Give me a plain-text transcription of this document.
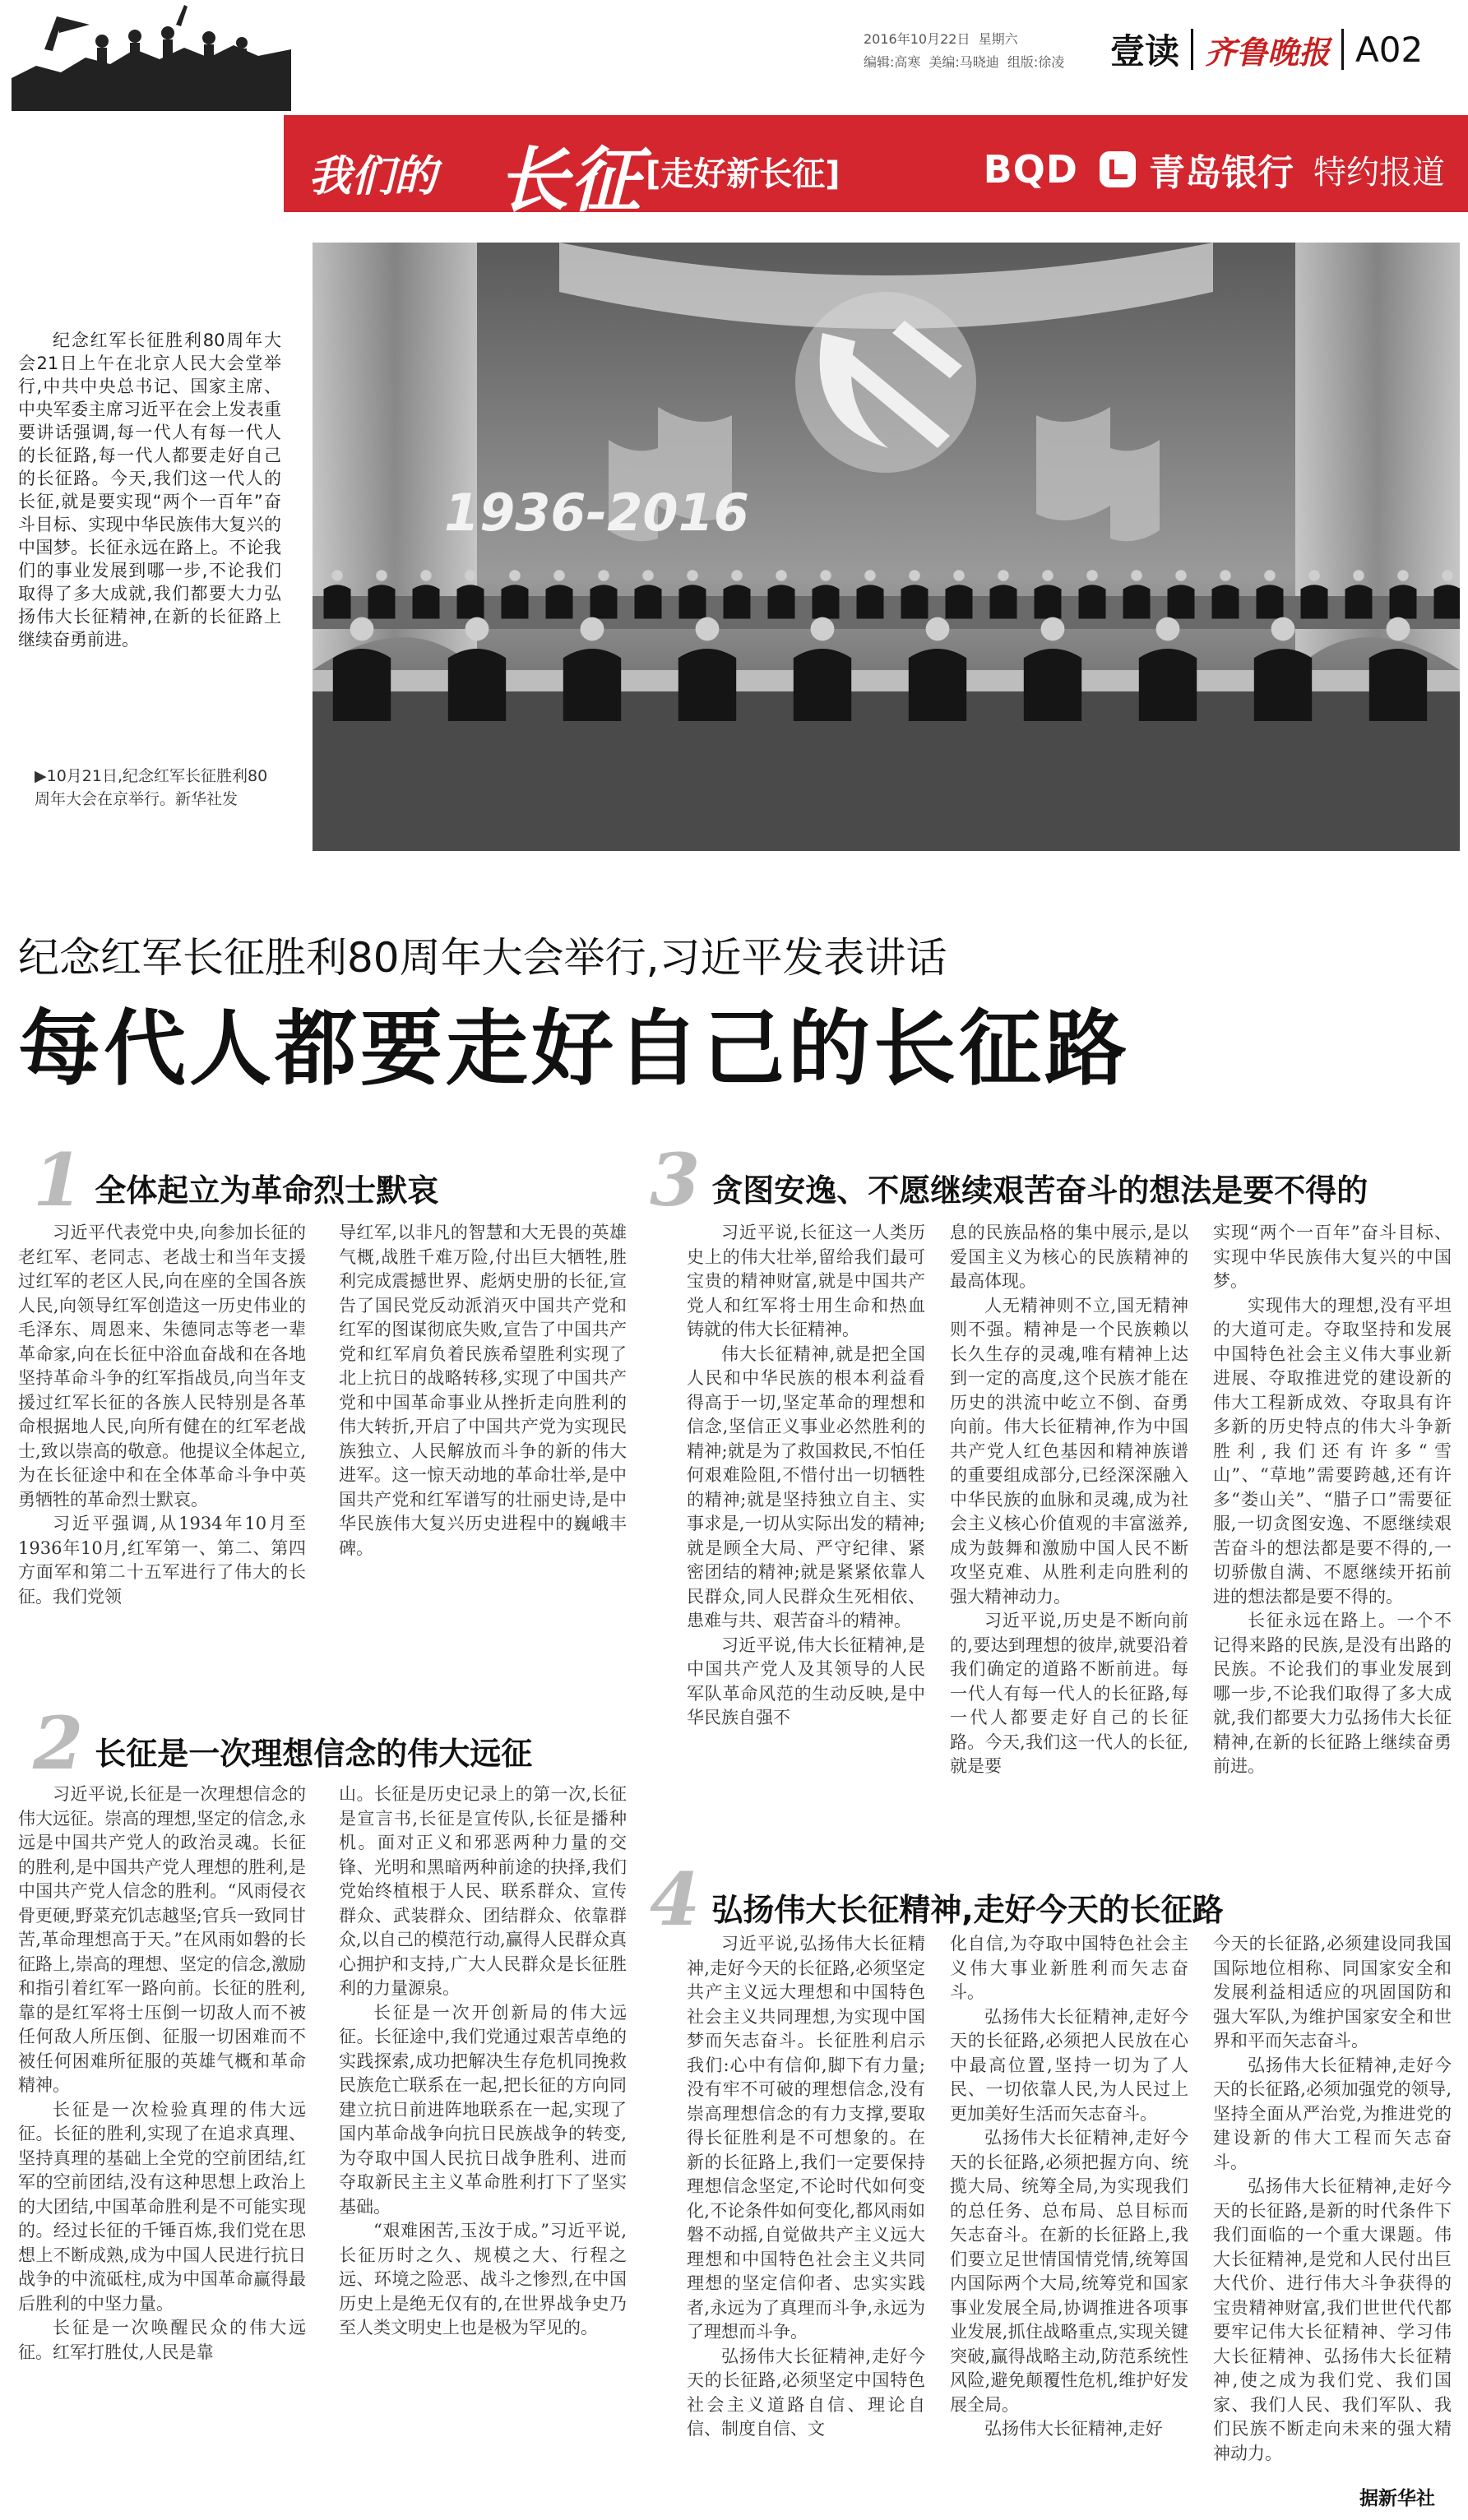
2016年10月22日 星期六
编辑:高寒 美编:马晓迪 组版:徐凌	壹读 齐鲁晚报 A02
我们的 长征 [走好新长征]	BQD 青岛银行 特约报道

纪念红军长征胜利80周年大会21日上午在北京人民大会堂举行,中共中央总书记、国家主席、中央军委主席习近平在会上发表重要讲话强调,每一代人有每一代人的长征路,每一代人都要走好自己的长征路。今天,我们这一代人的长征,就是要实现“两个一百年”奋斗目标、实现中华民族伟大复兴的中国梦。长征永远在路上。不论我们的事业发展到哪一步,不论我们取得了多大成就,我们都要大力弘扬伟大长征精神,在新的长征路上继续奋勇前进。

▶10月21日,纪念红军长征胜利80周年大会在京举行。新华社发

1936-2016
纪念红军长征胜利80周年大会举行,习近平发表讲话
每代人都要走好自己的长征路
1 全体起立为革命烈士默哀

习近平代表党中央,向参加长征的老红军、老同志、老战士和当年支援过红军的老区人民,向在座的全国各族人民,向领导红军创造这一历史伟业的毛泽东、周恩来、朱德同志等老一辈革命家,向在长征中浴血奋战和在各地坚持革命斗争的红军指战员,向当年支援过红军长征的各族人民特别是各革命根据地人民,向所有健在的红军老战士,致以崇高的敬意。他提议全体起立,为在长征途中和在全体革命斗争中英勇牺牲的革命烈士默哀。

习近平强调,从1934年10月至1936年10月,红军第一、第二、第四方面军和第二十五军进行了伟大的长征。我们党领

导红军,以非凡的智慧和大无畏的英雄气概,战胜千难万险,付出巨大牺牲,胜利完成震撼世界、彪炳史册的长征,宣告了国民党反动派消灭中国共产党和红军的图谋彻底失败,宣告了中国共产党和红军肩负着民族希望胜利实现了北上抗日的战略转移,实现了中国共产党和中国革命事业从挫折走向胜利的伟大转折,开启了中国共产党为实现民族独立、人民解放而斗争的新的伟大进军。这一惊天动地的革命壮举,是中国共产党和红军谱写的壮丽史诗,是中华民族伟大复兴历史进程中的巍峨丰碑。

2 长征是一次理想信念的伟大远征

习近平说,长征是一次理想信念的伟大远征。崇高的理想,坚定的信念,永远是中国共产党人的政治灵魂。长征的胜利,是中国共产党人理想的胜利,是中国共产党人信念的胜利。“风雨侵衣骨更硬,野菜充饥志越坚;官兵一致同甘苦,革命理想高于天。”在风雨如磐的长征路上,崇高的理想、坚定的信念,激励和指引着红军一路向前。长征的胜利,靠的是红军将士压倒一切敌人而不被任何敌人所压倒、征服一切困难而不被任何困难所征服的英雄气概和革命精神。

长征是一次检验真理的伟大远征。长征的胜利,实现了在追求真理、坚持真理的基础上全党的空前团结,红军的空前团结,没有这种思想上政治上的大团结,中国革命胜利是不可能实现的。经过长征的千锤百炼,我们党在思想上不断成熟,成为中国人民进行抗日战争的中流砥柱,成为中国革命赢得最后胜利的中坚力量。

长征是一次唤醒民众的伟大远征。红军打胜仗,人民是靠

山。长征是历史记录上的第一次,长征是宣言书,长征是宣传队,长征是播种机。面对正义和邪恶两种力量的交锋、光明和黑暗两种前途的抉择,我们党始终植根于人民、联系群众、宣传群众、武装群众、团结群众、依靠群众,以自己的模范行动,赢得人民群众真心拥护和支持,广大人民群众是长征胜利的力量源泉。

长征是一次开创新局的伟大远征。长征途中,我们党通过艰苦卓绝的实践探索,成功把解决生存危机同挽救民族危亡联系在一起,把长征的方向同建立抗日前进阵地联系在一起,实现了国内革命战争向抗日民族战争的转变,为夺取中国人民抗日战争胜利、进而夺取新民主主义革命胜利打下了坚实基础。

“艰难困苦,玉汝于成。”习近平说,长征历时之久、规模之大、行程之远、环境之险恶、战斗之惨烈,在中国历史上是绝无仅有的,在世界战争史乃至人类文明史上也是极为罕见的。

3 贪图安逸、不愿继续艰苦奋斗的想法是要不得的

习近平说,长征这一人类历史上的伟大壮举,留给我们最可宝贵的精神财富,就是中国共产党人和红军将士用生命和热血铸就的伟大长征精神。

伟大长征精神,就是把全国人民和中华民族的根本利益看得高于一切,坚定革命的理想和信念,坚信正义事业必然胜利的精神;就是为了救国救民,不怕任何艰难险阻,不惜付出一切牺牲的精神;就是坚持独立自主、实事求是,一切从实际出发的精神;就是顾全大局、严守纪律、紧密团结的精神;就是紧紧依靠人民群众,同人民群众生死相依、患难与共、艰苦奋斗的精神。

习近平说,伟大长征精神,是中国共产党人及其领导的人民军队革命风范的生动反映,是中华民族自强不

息的民族品格的集中展示,是以爱国主义为核心的民族精神的最高体现。

人无精神则不立,国无精神则不强。精神是一个民族赖以长久生存的灵魂,唯有精神上达到一定的高度,这个民族才能在历史的洪流中屹立不倒、奋勇向前。伟大长征精神,作为中国共产党人红色基因和精神族谱的重要组成部分,已经深深融入中华民族的血脉和灵魂,成为社会主义核心价值观的丰富滋养,成为鼓舞和激励中国人民不断攻坚克难、从胜利走向胜利的强大精神动力。

习近平说,历史是不断向前的,要达到理想的彼岸,就要沿着我们确定的道路不断前进。每一代人有每一代人的长征路,每一代人都要走好自己的长征路。今天,我们这一代人的长征,就是要

实现“两个一百年”奋斗目标、实现中华民族伟大复兴的中国梦。

实现伟大的理想,没有平坦的大道可走。夺取坚持和发展中国特色社会主义伟大事业新进展、夺取推进党的建设新的伟大工程新成效、夺取具有许多新的历史特点的伟大斗争新胜利,我们还有许多“雪山”、“草地”需要跨越,还有许多“娄山关”、“腊子口”需要征服,一切贪图安逸、不愿继续艰苦奋斗的想法都是要不得的,一切骄傲自满、不愿继续开拓前进的想法都是要不得的。

长征永远在路上。一个不记得来路的民族,是没有出路的民族。不论我们的事业发展到哪一步,不论我们取得了多大成就,我们都要大力弘扬伟大长征精神,在新的长征路上继续奋勇前进。

4 弘扬伟大长征精神,走好今天的长征路

习近平说,弘扬伟大长征精神,走好今天的长征路,必须坚定共产主义远大理想和中国特色社会主义共同理想,为实现中国梦而矢志奋斗。长征胜利启示我们:心中有信仰,脚下有力量;没有牢不可破的理想信念,没有崇高理想信念的有力支撑,要取得长征胜利是不可想象的。在新的长征路上,我们一定要保持理想信念坚定,不论时代如何变化,不论条件如何变化,都风雨如磐不动摇,自觉做共产主义远大理想和中国特色社会主义共同理想的坚定信仰者、忠实实践者,永远为了真理而斗争,永远为了理想而斗争。

弘扬伟大长征精神,走好今天的长征路,必须坚定中国特色社会主义道路自信、理论自信、制度自信、文

化自信,为夺取中国特色社会主义伟大事业新胜利而矢志奋斗。

弘扬伟大长征精神,走好今天的长征路,必须把人民放在心中最高位置,坚持一切为了人民、一切依靠人民,为人民过上更加美好生活而矢志奋斗。

弘扬伟大长征精神,走好今天的长征路,必须把握方向、统揽大局、统筹全局,为实现我们的总任务、总布局、总目标而矢志奋斗。在新的长征路上,我们要立足世情国情党情,统筹国内国际两个大局,统筹党和国家事业发展全局,协调推进各项事业发展,抓住战略重点,实现关键突破,赢得战略主动,防范系统性风险,避免颠覆性危机,维护好发展全局。

弘扬伟大长征精神,走好

今天的长征路,必须建设同我国国际地位相称、同国家安全和发展利益相适应的巩固国防和强大军队,为维护国家安全和世界和平而矢志奋斗。

弘扬伟大长征精神,走好今天的长征路,必须加强党的领导,坚持全面从严治党,为推进党的建设新的伟大工程而矢志奋斗。

弘扬伟大长征精神,走好今天的长征路,是新的时代条件下我们面临的一个重大课题。伟大长征精神,是党和人民付出巨大代价、进行伟大斗争获得的宝贵精神财富,我们世世代代都要牢记伟大长征精神、学习伟大长征精神、弘扬伟大长征精神,使之成为我们党、我们国家、我们人民、我们军队、我们民族不断走向未来的强大精神动力。

据新华社
